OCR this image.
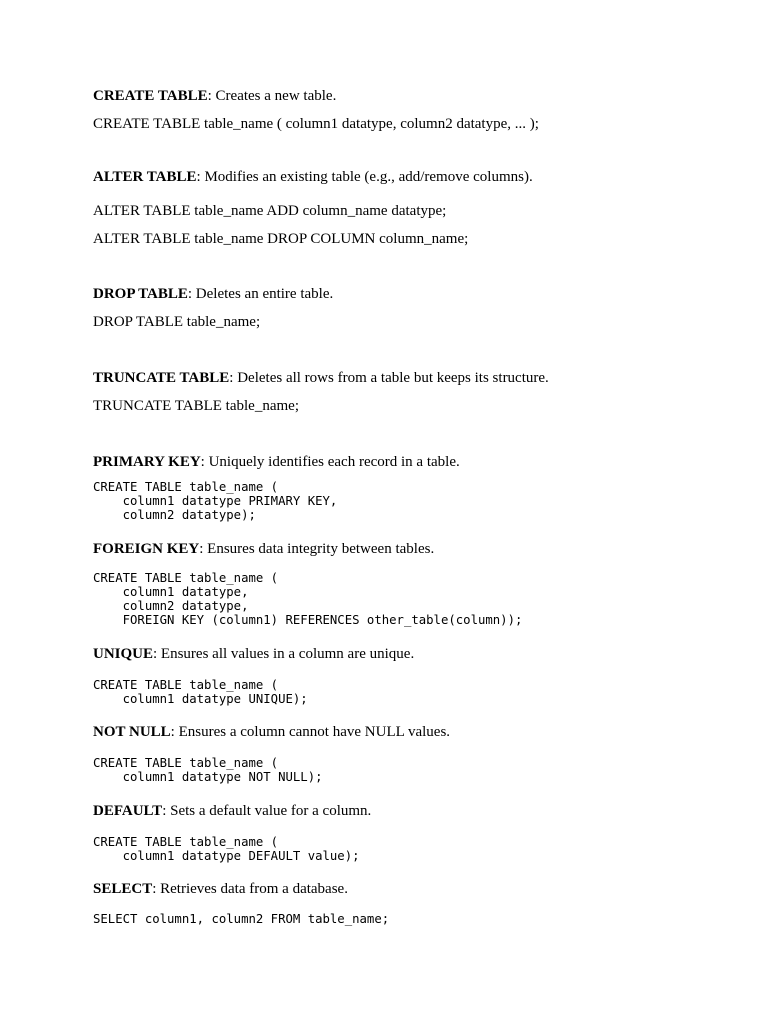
CREATE TABLE: Creates a new table.

CREATE TABLE table_name ( column1 datatype, column2 datatype, ... );

ALTER TABLE: Modifies an existing table (e.g., add/remove columns).

ALTER TABLE table_name ADD column_name datatype;

ALTER TABLE table_name DROP COLUMN column_name;

DROP TABLE: Deletes an entire table.

DROP TABLE table_name;

TRUNCATE TABLE: Deletes all rows from a table but keeps its structure.

TRUNCATE TABLE table_name;

PRIMARY KEY: Uniquely identifies each record in a table.

CREATE TABLE table_name (
column1 datatype PRIMARY KEY,
column2 datatype);

FOREIGN KEY: Ensures data integrity between tables.

CREATE TABLE table_name (
column1 datatype,
column2 datatype,
FOREIGN KEY (column1) REFERENCES other_table(column));

UNIQUE: Ensures all values in a column are unique.

CREATE TABLE table_name (
column1 datatype UNIQUE);

NOT NULL: Ensures a column cannot have NULL values.

CREATE TABLE table_name (
column1 datatype NOT NULL);

DEFAULT: Sets a default value for a column.

CREATE TABLE table_name (
column1 datatype DEFAULT value);

SELECT: Retrieves data from a database.

SELECT column1, column2 FROM table_name;
